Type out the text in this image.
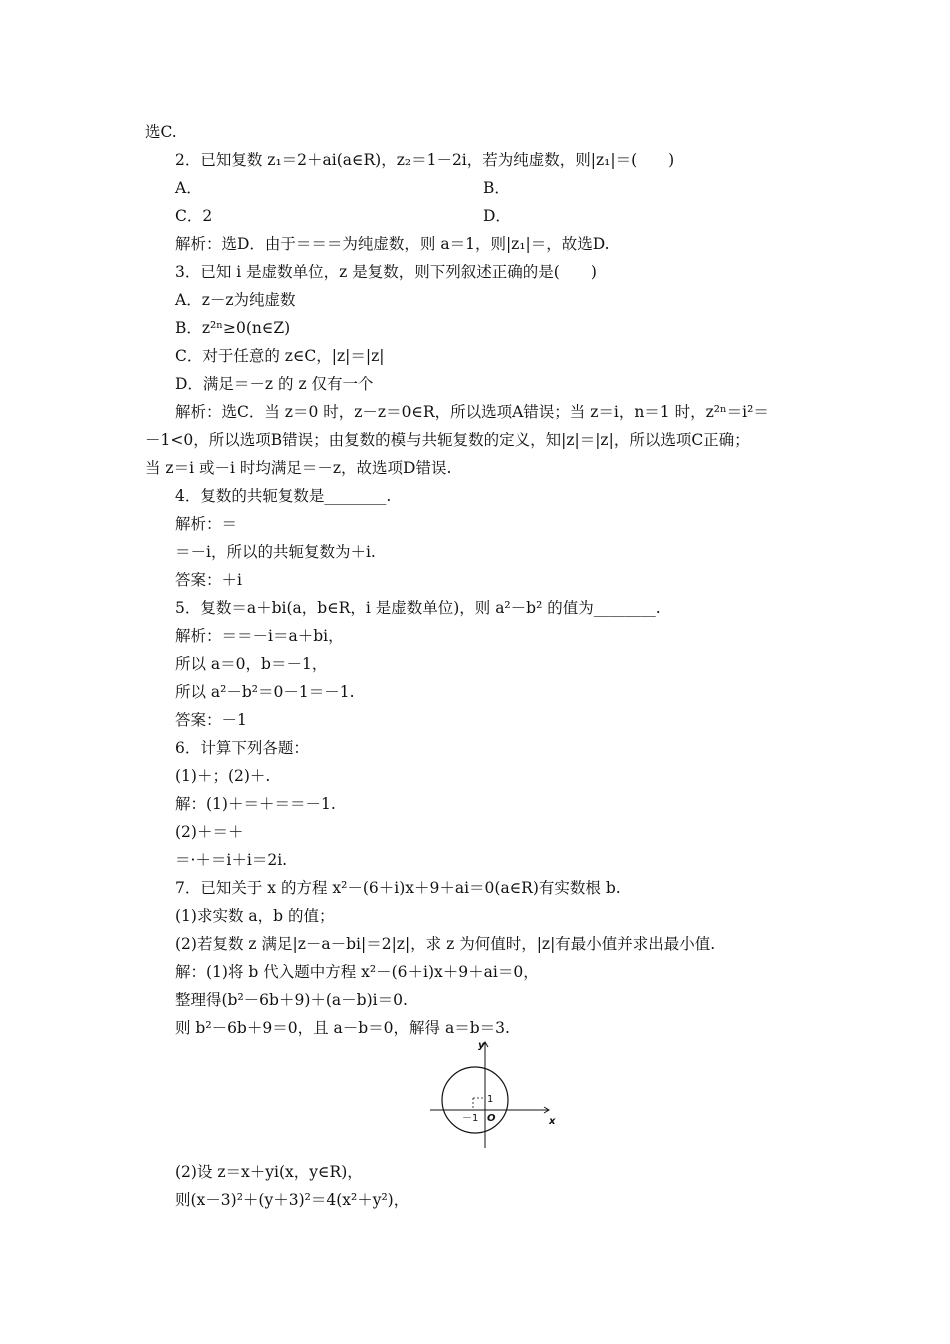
选C.
2．已知复数 z₁＝2＋ai(a∈R)，z₂＝1－2i，若为纯虚数，则|z₁|＝(　　)
A．	B．
C．2	D．
解析：选D．由于＝＝＝为纯虚数，则 a＝1，则|z₁|＝，故选D.
3．已知 i 是虚数单位，z 是复数，则下列叙述正确的是(　　)
A．z－z为纯虚数
B．z²ⁿ≥0(n∈Z)
C．对于任意的 z∈C，|z|＝|z|
D．满足＝－z 的 z 仅有一个
解析：选C．当 z＝0 时，z－z＝0∈R，所以选项A错误；当 z＝i，n＝1 时，z²ⁿ＝i²＝
－1<0，所以选项B错误；由复数的模与共轭复数的定义，知|z|＝|z|，所以选项C正确；
当 z＝i 或－i 时均满足＝－z，故选项D错误.
4．复数的共轭复数是________.
解析：＝
＝－i，所以的共轭复数为＋i.
答案：＋i
5．复数＝a＋bi(a，b∈R，i 是虚数单位)，则 a²－b² 的值为________.
解析：＝＝－i＝a＋bi，
所以 a＝0，b＝－1，
所以 a²－b²＝0－1＝－1.
答案：－1
6．计算下列各题：
(1)＋；(2)＋.
解：(1)＋＝＋＝＝－1.
(2)＋＝＋
＝·＋＝i＋i＝2i.
7．已知关于 x 的方程 x²－(6＋i)x＋9＋ai＝0(a∈R)有实数根 b.
(1)求实数 a，b 的值；
(2)若复数 z 满足|z－a－bi|＝2|z|，求 z 为何值时，|z|有最小值并求出最小值.
解：(1)将 b 代入题中方程 x²－(6＋i)x＋9＋ai＝0，
整理得(b²－6b＋9)＋(a－b)i＝0.
则 b²－6b＋9＝0，且 a－b＝0，解得 a＝b＝3.
y
x
O
1
－1
(2)设 z＝x＋yi(x，y∈R)，
则(x－3)²＋(y＋3)²＝4(x²＋y²)，
